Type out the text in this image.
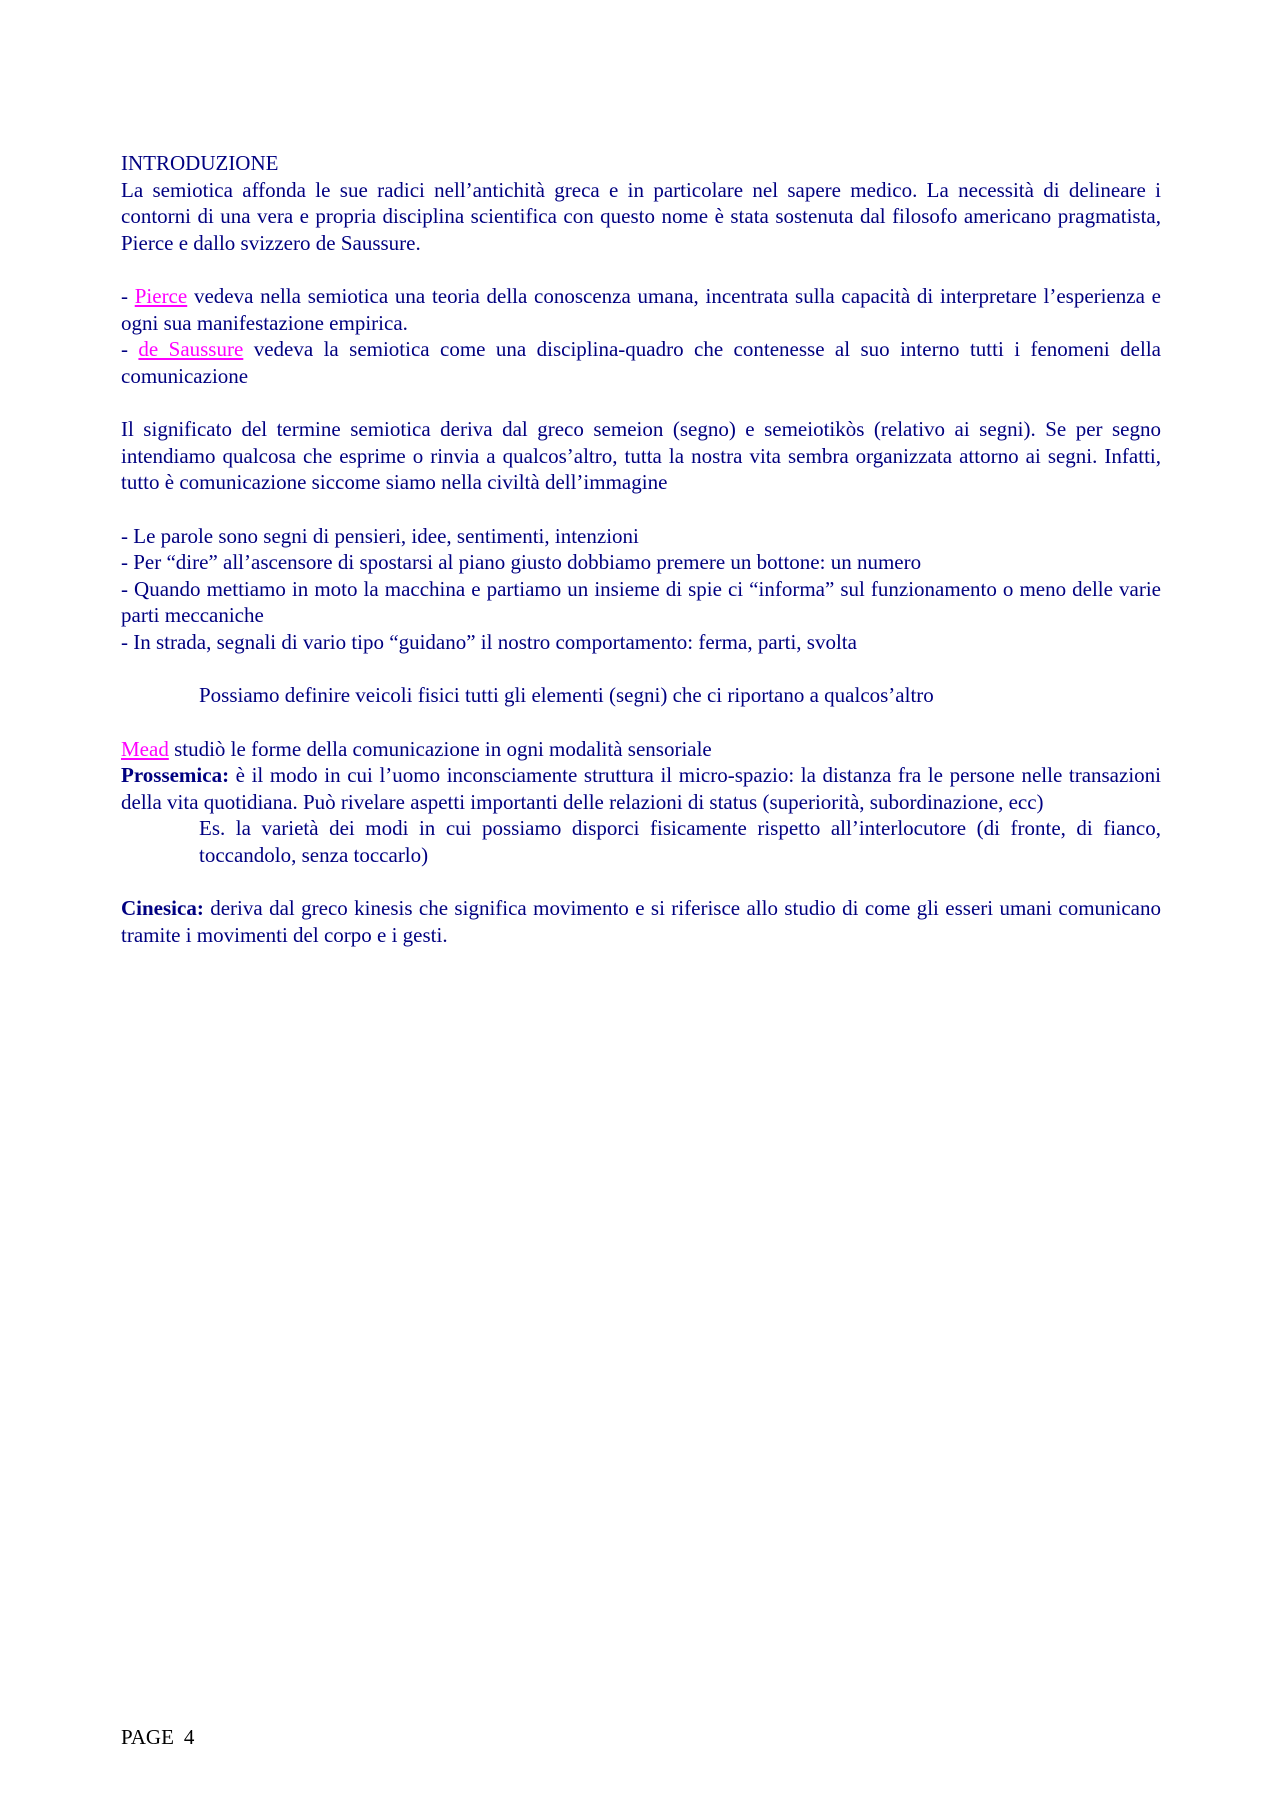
INTRODUZIONE

La semiotica affonda le sue radici nell’antichità greca e in particolare nel sapere medico. La necessità di delineare i contorni di una vera e propria disciplina scientifica con questo nome è stata sostenuta dal filosofo americano pragmatista, Pierce e dallo svizzero de Saussure.

- Pierce vedeva nella semiotica una teoria della conoscenza umana, incentrata sulla capacità di interpretare l’esperienza e ogni sua manifestazione empirica.

- de Saussure vedeva la semiotica come una disciplina-quadro che contenesse al suo interno tutti i fenomeni della comunicazione

Il significato del termine semiotica deriva dal greco semeion (segno) e semeiotikòs (relativo ai segni). Se per segno intendiamo qualcosa che esprime o rinvia a qualcos’altro, tutta la nostra vita sembra organizzata attorno ai segni. Infatti, tutto è comunicazione siccome siamo nella civiltà dell’immagine

- Le parole sono segni di pensieri, idee, sentimenti, intenzioni

- Per “dire” all’ascensore di spostarsi al piano giusto dobbiamo premere un bottone: un numero

- Quando mettiamo in moto la macchina e partiamo un insieme di spie ci “informa” sul funzionamento o meno delle varie parti meccaniche

- In strada, segnali di vario tipo “guidano” il nostro comportamento: ferma, parti, svolta

Possiamo definire veicoli fisici tutti gli elementi (segni) che ci riportano a qualcos’altro

Mead studiò le forme della comunicazione in ogni modalità sensoriale

Prossemica: è il modo in cui l’uomo inconsciamente struttura il micro-spazio: la distanza fra le persone nelle transazioni della vita quotidiana. Può rivelare aspetti importanti delle relazioni di status (superiorità, subordinazione, ecc)

Es. la varietà dei modi in cui possiamo disporci fisicamente rispetto all’interlocutore (di fronte, di fianco, toccandolo, senza toccarlo)

Cinesica: deriva dal greco kinesis che significa movimento e si riferisce allo studio di come gli esseri umani comunicano tramite i movimenti del corpo e i gesti.

PAGE 4
